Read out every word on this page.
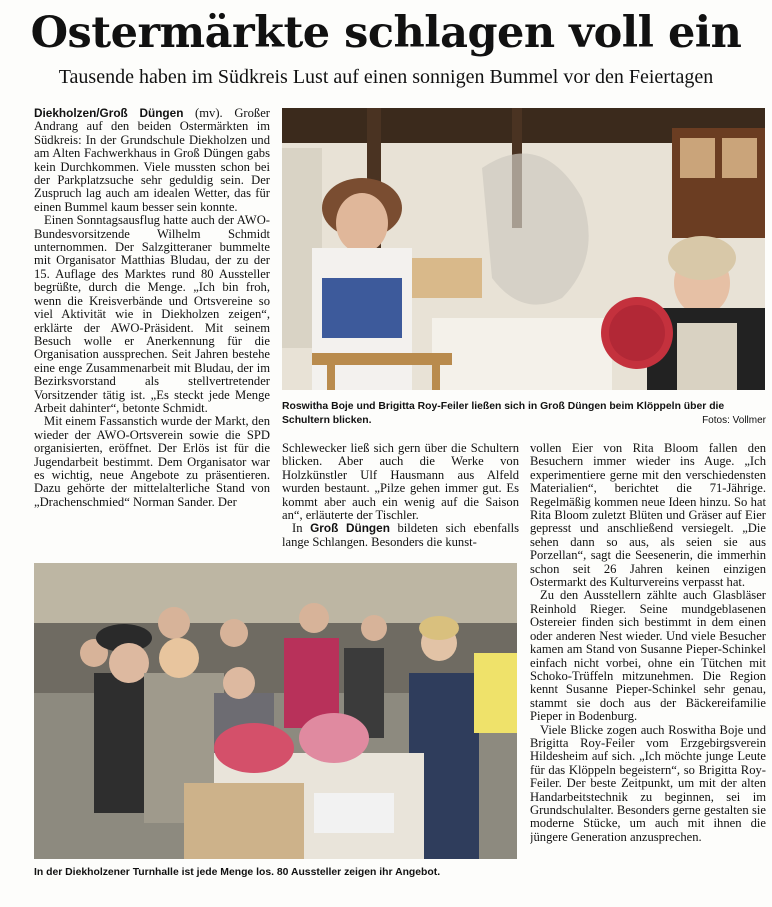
Ostermärkte schlagen voll ein
Tausende haben im Südkreis Lust auf einen sonnigen Bummel vor den Feiertagen

Diekholzen/Groß Düngen (mv). Großer Andrang auf den beiden Ostermärkten im Südkreis: In der Grundschule Diekholzen und am Alten Fachwerkhaus in Groß Düngen gabs kein Durchkommen. Viele mussten schon bei der Parkplatzsuche sehr geduldig sein. Der Zuspruch lag auch am idealen Wetter, das für einen Bummel kaum besser sein konnte.

Einen Sonntagsausflug hatte auch der AWO-Bundesvorsitzende Wilhelm Schmidt unternommen. Der Salzgitteraner bummelte mit Organisator Matthias Bludau, der zu der 15. Auflage des Marktes rund 80 Aussteller begrüßte, durch die Menge. „Ich bin froh, wenn die Kreisverbände und Ortsvereine so viel Aktivität wie in Diekholzen zeigen“, erklärte der AWO-Präsident. Mit seinem Besuch wolle er Anerkennung für die Organisation aussprechen. Seit Jahren bestehe eine enge Zusammenarbeit mit Bludau, der im Bezirksvorstand als stellvertretender Vorsitzender tätig ist. „Es steckt jede Menge Arbeit dahinter“, betonte Schmidt.

Mit einem Fassanstich wurde der Markt, den wieder der AWO-Ortsverein sowie die SPD organisierten, eröffnet. Der Erlös ist für die Jugendarbeit bestimmt. Dem Organisator war es wichtig, neue Angebote zu präsentieren. Dazu gehörte der mittelalterliche Stand von „Drachenschmied“ Norman Sander. Der

Roswitha Boje und Brigitta Roy-Feiler ließen sich in Groß Düngen beim Klöppeln über die Schultern blicken.	Fotos: Vollmer

Schlewecker ließ sich gern über die Schultern blicken. Aber auch die Werke von Holzkünstler Ulf Hausmann aus Alfeld wurden bestaunt. „Pilze gehen immer gut. Es kommt aber auch ein wenig auf die Saison an“, erläuterte der Tischler.

In Groß Düngen bildeten sich ebenfalls lange Schlangen. Besonders die kunst-

vollen Eier von Rita Bloom fallen den Besuchern immer wieder ins Auge. „Ich experimentiere gerne mit den verschiedensten Materialien“, berichtet die 71-Jährige. Regelmäßig kommen neue Ideen hinzu. So hat Rita Bloom zuletzt Blüten und Gräser auf Eier gepresst und anschließend versiegelt. „Die sehen dann so aus, als seien sie aus Porzellan“, sagt die Seesenerin, die immerhin schon seit 26 Jahren keinen einzigen Ostermarkt des Kulturvereins verpasst hat.

Zu den Ausstellern zählte auch Glasbläser Reinhold Rieger. Seine mundgeblasenen Ostereier finden sich bestimmt in dem einen oder anderen Nest wieder. Und viele Besucher kamen am Stand von Susanne Pieper-Schinkel einfach nicht vorbei, ohne ein Tütchen mit Schoko-Trüffeln mitzunehmen. Die Region kennt Susanne Pieper-Schinkel sehr genau, stammt sie doch aus der Bäckereifamilie Pieper in Bodenburg.

Viele Blicke zogen auch Roswitha Boje und Brigitta Roy-Feiler vom Erzgebirgsverein Hildesheim auf sich. „Ich möchte junge Leute für das Klöppeln begeistern“, so Brigitta Roy-Feiler. Der beste Zeitpunkt, um mit der alten Handarbeitstechnik zu beginnen, sei im Grundschulalter. Besonders gerne gestalten sie moderne Stücke, um auch mit ihnen die jüngere Generation anzusprechen.

In der Diekholzener Turnhalle ist jede Menge los. 80 Aussteller zeigen ihr Angebot.
